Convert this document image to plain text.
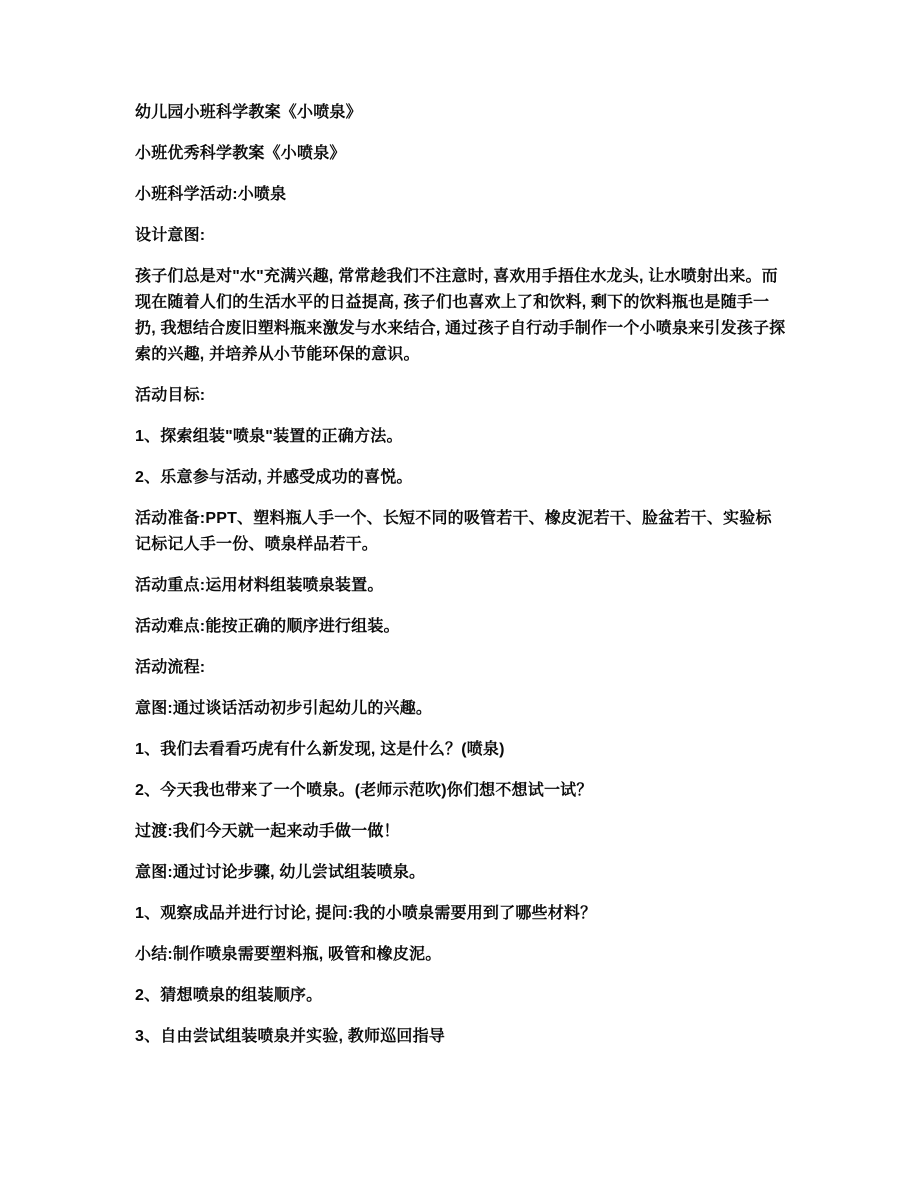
幼儿园小班科学教案《小喷泉》

小班优秀科学教案《小喷泉》

小班科学活动:小喷泉

设计意图:

孩子们总是对"水"充满兴趣, 常常趁我们不注意时, 喜欢用手捂住水龙头, 让水喷射出来。而现在随着人们的生活水平的日益提高, 孩子们也喜欢上了和饮料, 剩下的饮料瓶也是随手一扔, 我想结合废旧塑料瓶来激发与水来结合, 通过孩子自行动手制作一个小喷泉来引发孩子探索的兴趣, 并培养从小节能环保的意识。

活动目标:

1、探索组装"喷泉"装置的正确方法。

2、乐意参与活动, 并感受成功的喜悦。

活动准备:PPT、塑料瓶人手一个、长短不同的吸管若干、橡皮泥若干、脸盆若干、实验标记标记人手一份、喷泉样品若干。

活动重点:运用材料组装喷泉装置。

活动难点:能按正确的顺序进行组装。

活动流程:

意图:通过谈话活动初步引起幼儿的兴趣。

1、我们去看看巧虎有什么新发现, 这是什么？(喷泉)

2、今天我也带来了一个喷泉。(老师示范吹)你们想不想试一试？

过渡:我们今天就一起来动手做一做！

意图:通过讨论步骤, 幼儿尝试组装喷泉。

1、观察成品并进行讨论, 提问:我的小喷泉需要用到了哪些材料？

小结:制作喷泉需要塑料瓶, 吸管和橡皮泥。

2、猜想喷泉的组装顺序。

3、自由尝试组装喷泉并实验, 教师巡回指导
